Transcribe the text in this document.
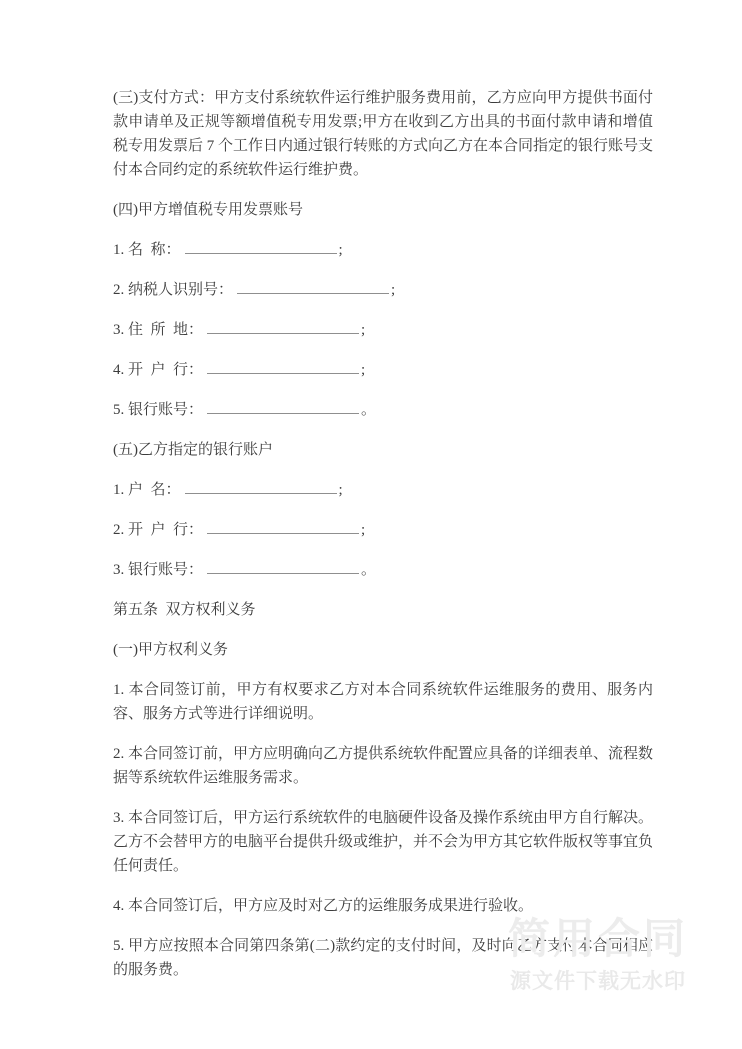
(三)支付方式：甲方支付系统软件运行维护服务费用前，乙方应向甲方提供书面付款申请单及正规等额增值税专用发票;甲方在收到乙方出具的书面付款申请和增值税专用发票后 7 个工作日内通过银行转账的方式向乙方在本合同指定的银行账号支付本合同约定的系统软件运行维护费。

(四)甲方增值税专用发票账号

1. 名  称：	;

2. 纳税人识别号：	;

3. 住  所  地：	;

4. 开  户  行：	;

5. 银行账号：	。

(五)乙方指定的银行账户

1. 户  名：	;

2. 开  户  行：	;

3. 银行账号：	。

第五条  双方权利义务

(一)甲方权利义务

1. 本合同签订前，甲方有权要求乙方对本合同系统软件运维服务的费用、服务内容、服务方式等进行详细说明。

2. 本合同签订前，甲方应明确向乙方提供系统软件配置应具备的详细表单、流程数据等系统软件运维服务需求。

3. 本合同签订后，甲方运行系统软件的电脑硬件设备及操作系统由甲方自行解决。乙方不会替甲方的电脑平台提供升级或维护，并不会为甲方其它软件版权等事宜负任何责任。

4. 本合同签订后，甲方应及时对乙方的运维服务成果进行验收。

5. 甲方应按照本合同第四条第(二)款约定的支付时间，及时向乙方支付本合同相应的服务费。

简用合同
源文件下载无水印
